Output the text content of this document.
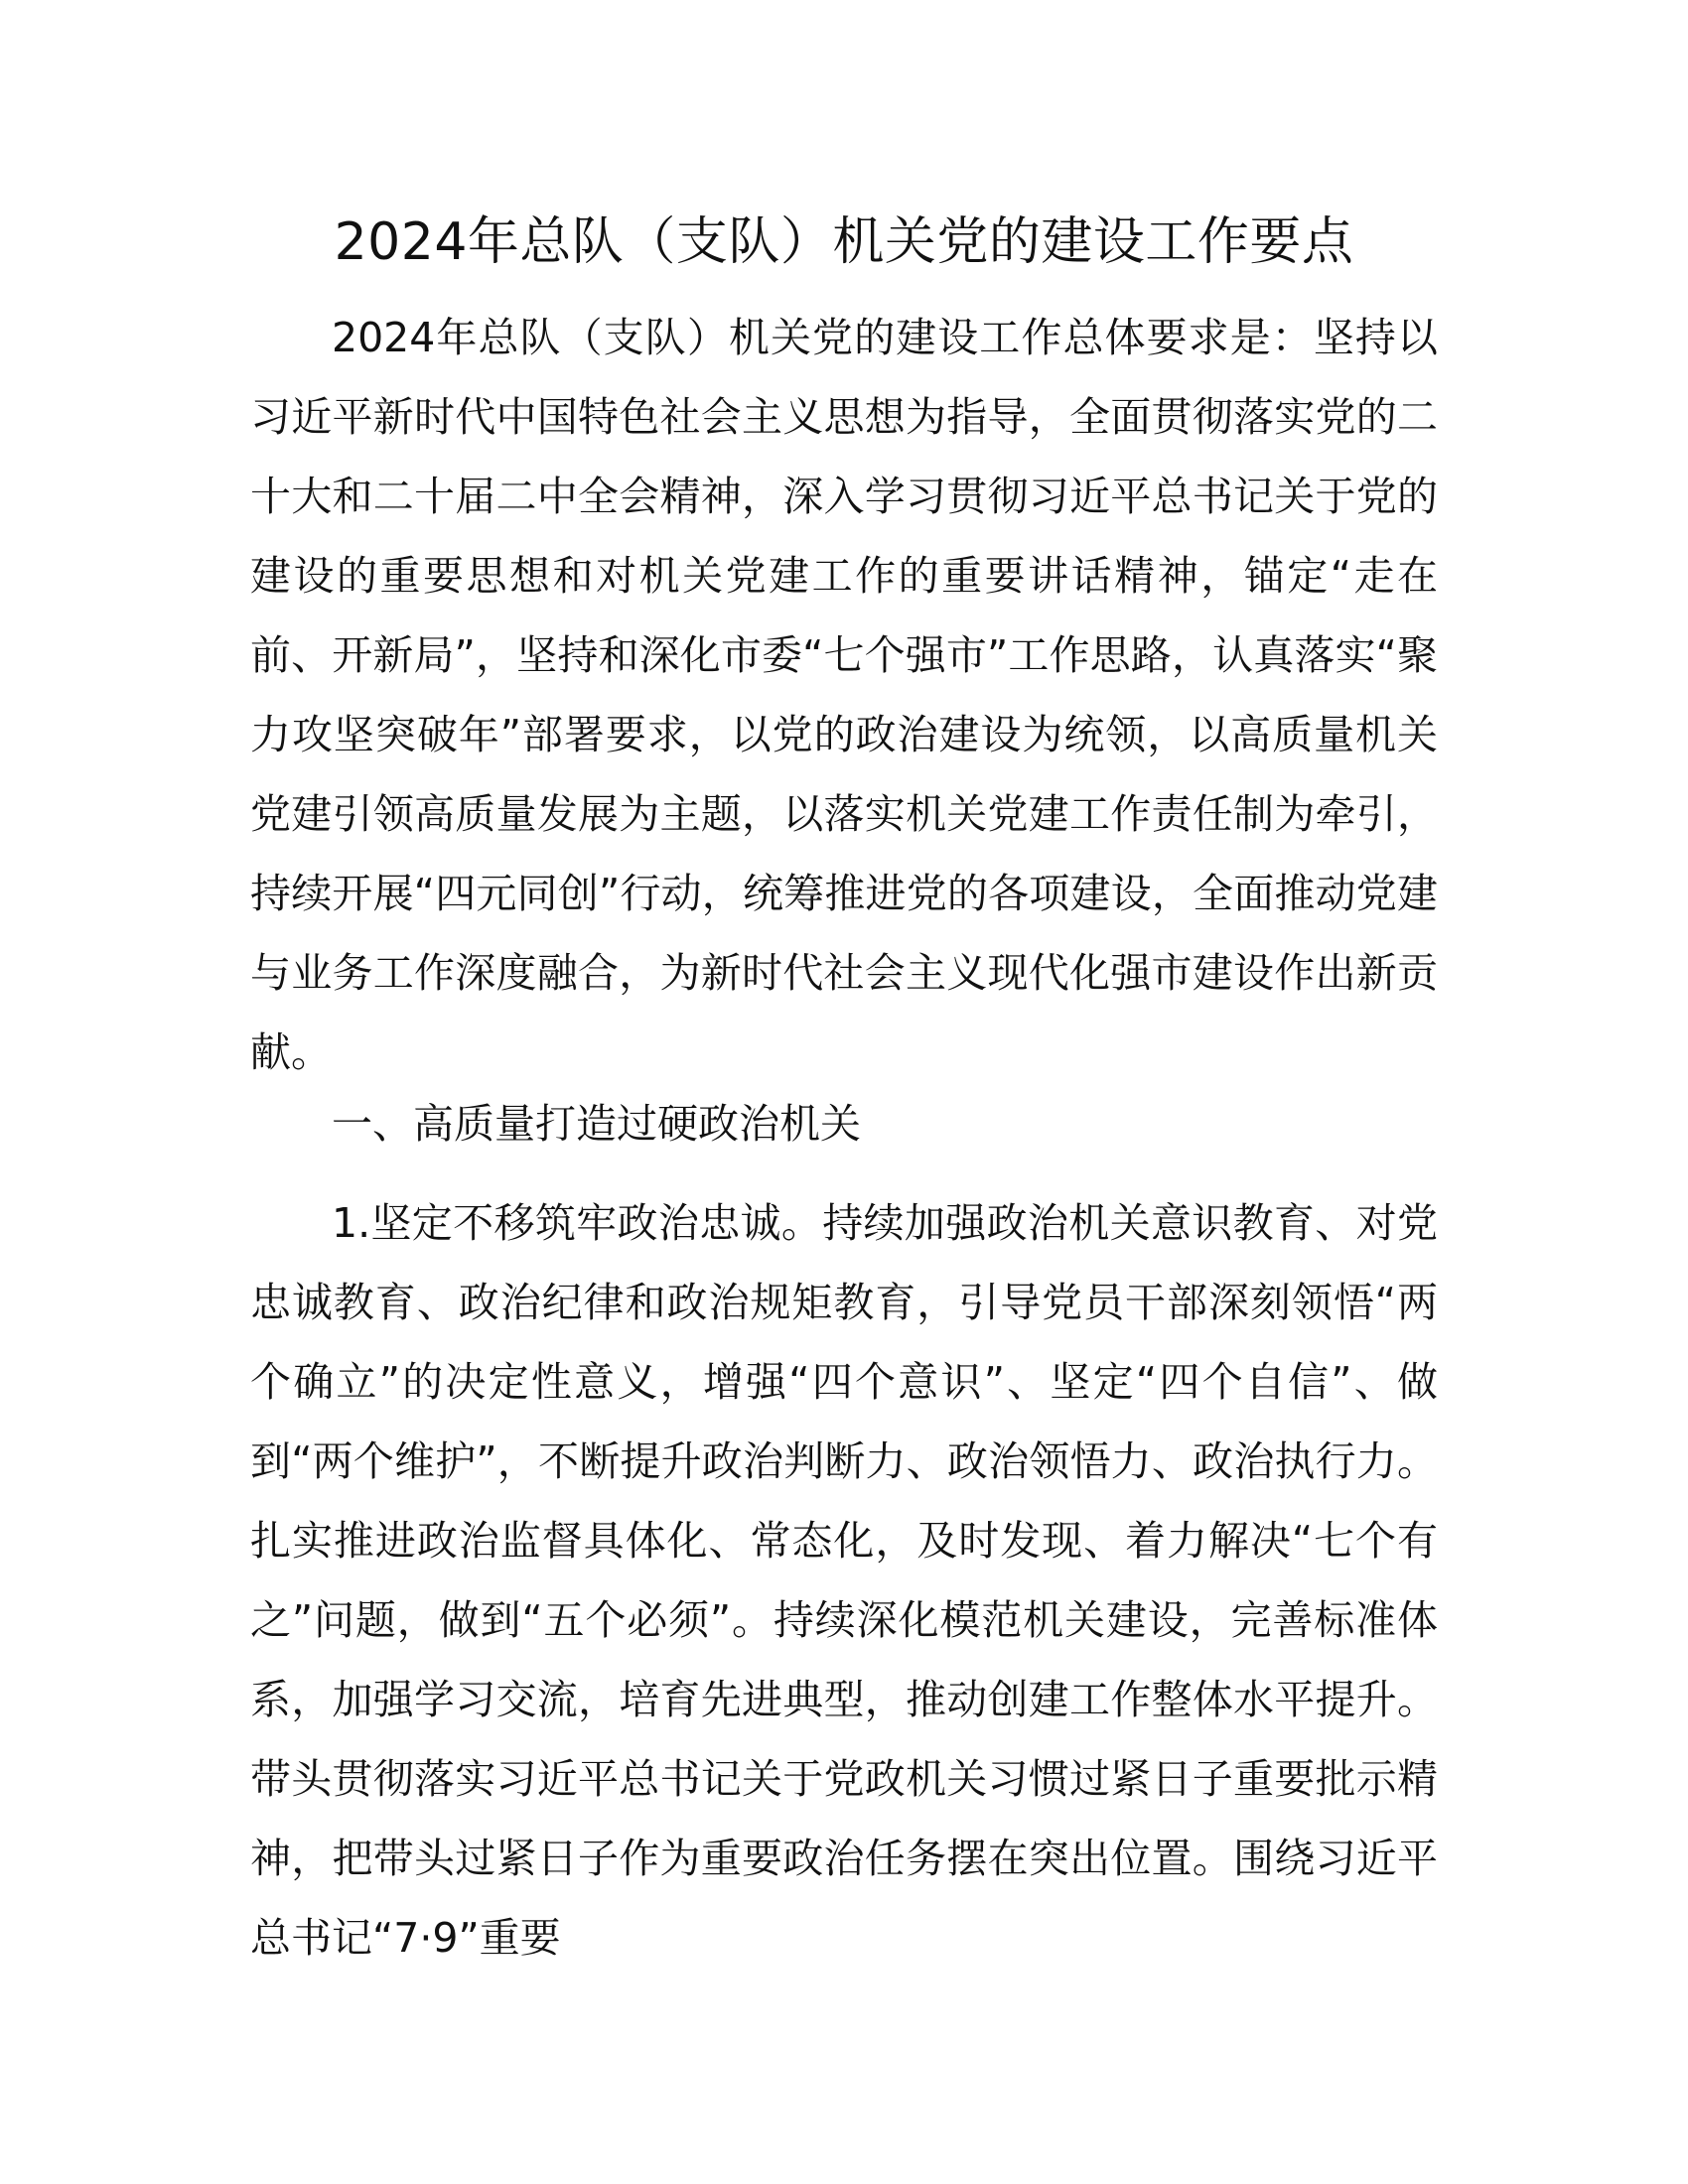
2024年总队（支队）机关党的建设工作要点

2024年总队（支队）机关党的建设工作总体要求是：坚持以习近平新时代中国特色社会主义思想为指导，全面贯彻落实党的二十大和二十届二中全会精神，深入学习贯彻习近平总书记关于党的建设的重要思想和对机关党建工作的重要讲话精神，锚定“走在前、开新局”，坚持和深化市委“七个强市”工作思路，认真落实“聚力攻坚突破年”部署要求，以党的政治建设为统领，以高质量机关党建引领高质量发展为主题，以落实机关党建工作责任制为牵引，持续开展“四元同创”行动，统筹推进党的各项建设，全面推动党建与业务工作深度融合，为新时代社会主义现代化强市建设作出新贡献。

一、高质量打造过硬政治机关

1.坚定不移筑牢政治忠诚。持续加强政治机关意识教育、对党忠诚教育、政治纪律和政治规矩教育，引导党员干部深刻领悟“两个确立”的决定性意义，增强“四个意识”、坚定“四个自信”、做到“两个维护”，不断提升政治判断力、政治领悟力、政治执行力。扎实推进政治监督具体化、常态化，及时发现、着力解决“七个有之”问题，做到“五个必须”。持续深化模范机关建设，完善标准体系，加强学习交流，培育先进典型，推动创建工作整体水平提升。带头贯彻落实习近平总书记关于党政机关习惯过紧日子重要批示精神，把带头过紧日子作为重要政治任务摆在突出位置。围绕习近平总书记“7·9”重要
